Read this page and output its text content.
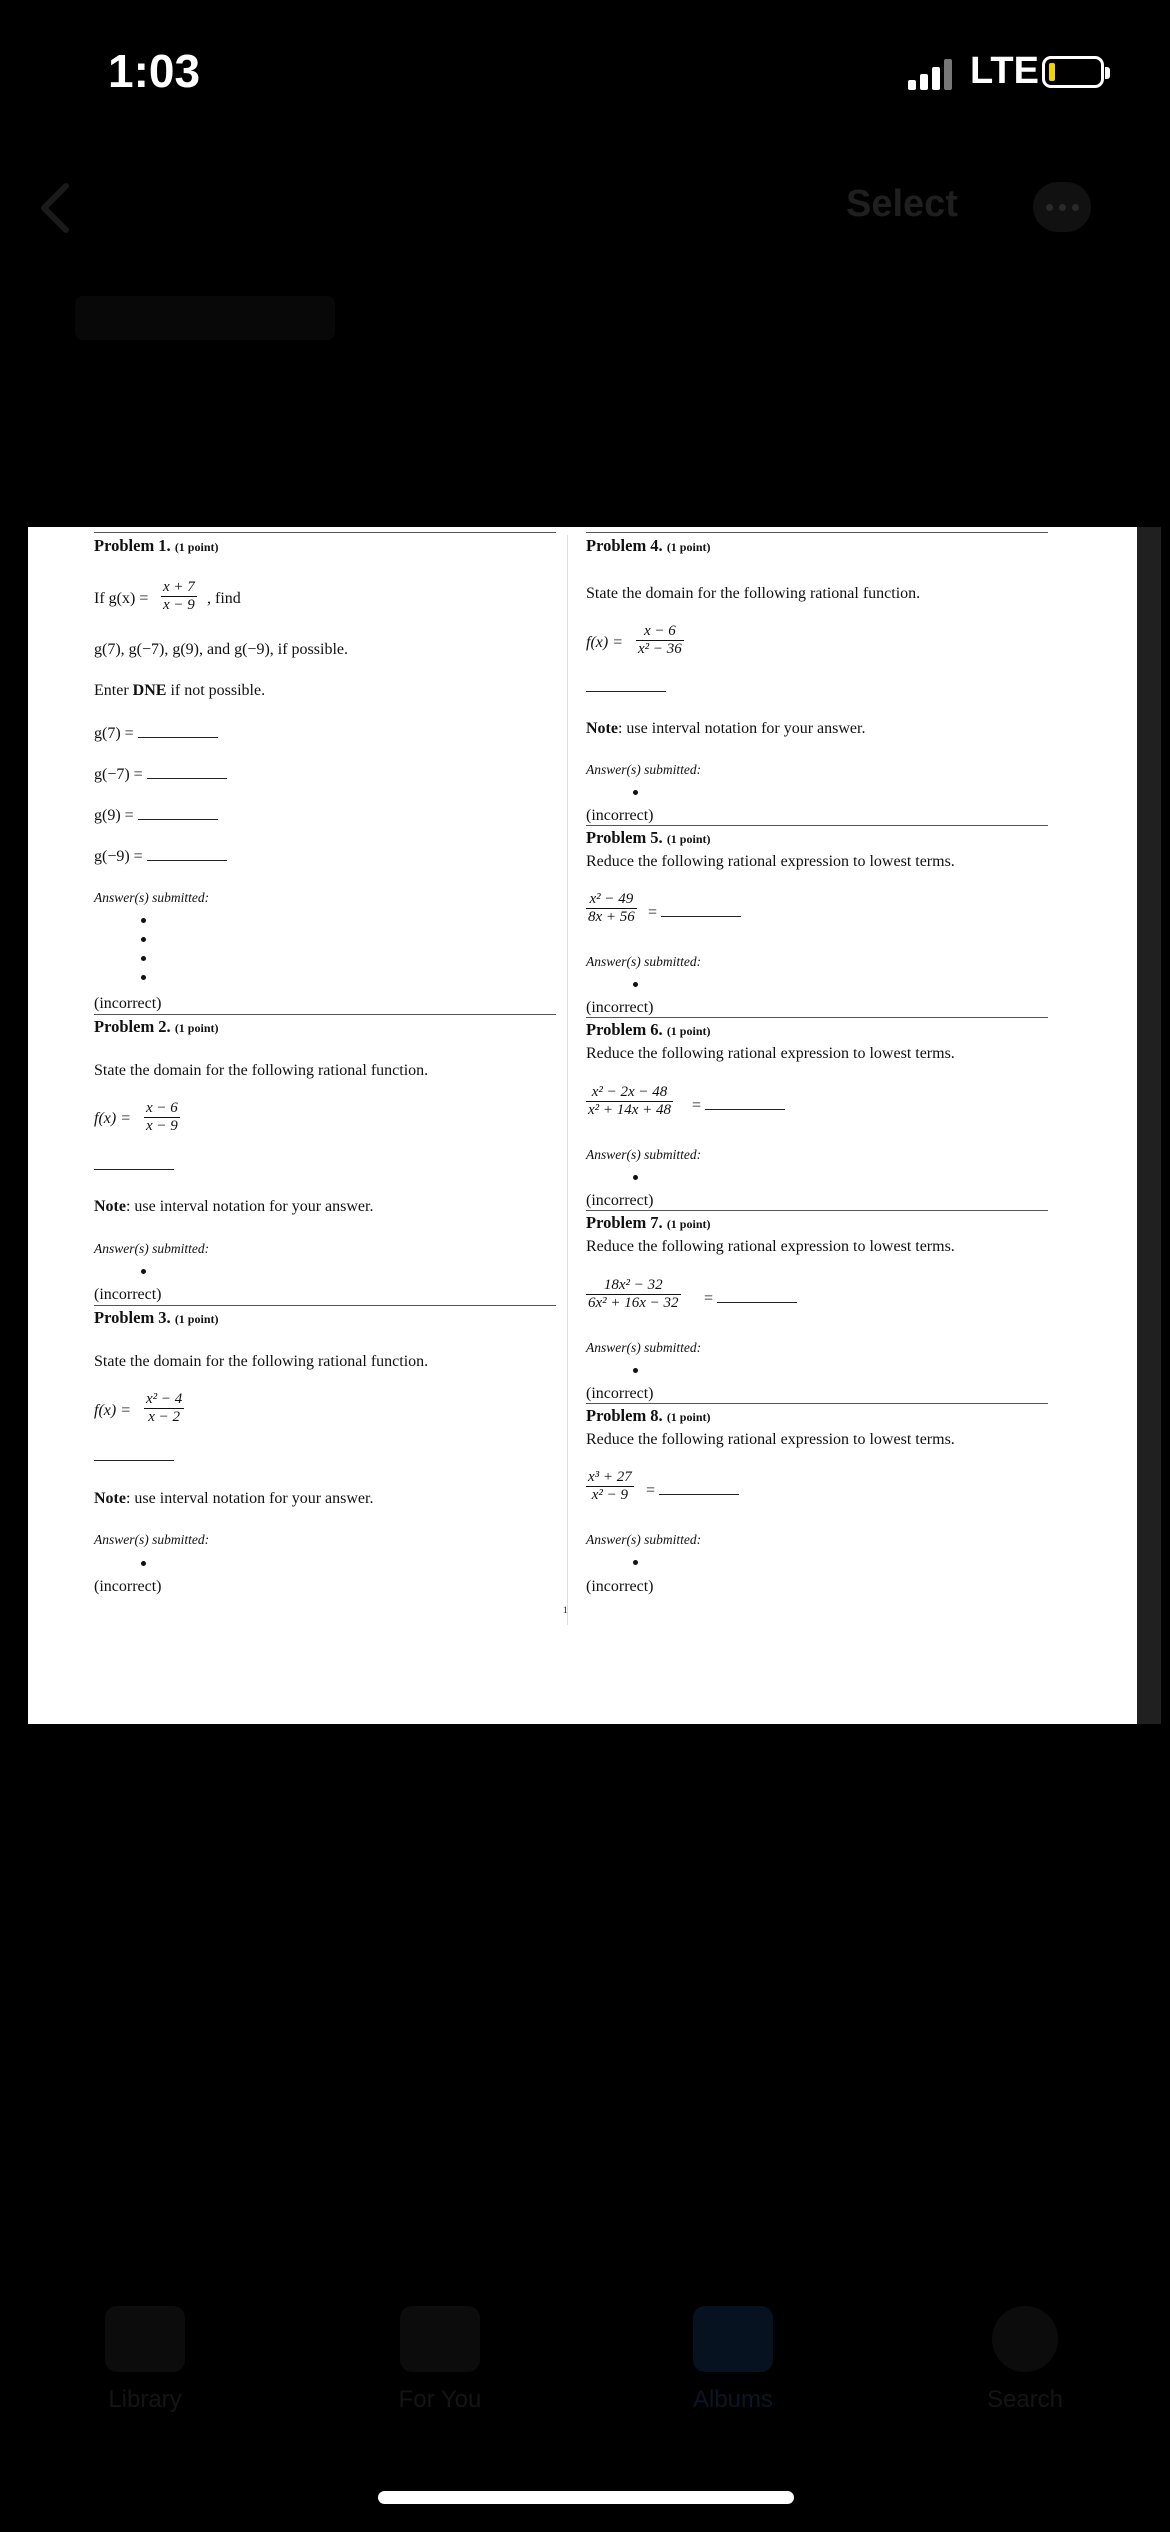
1:03	LTE
Select
Problem 1. (1 point)
If g(x) =
x + 7
x − 9 , find
g(7), g(−7), g(9), and g(−9), if possible.
Enter DNE if not possible.
g(7) =
g(−7) =
g(9) =
g(−9) =
Answer(s) submitted:
(incorrect)
Problem 2. (1 point)
State the domain for the following rational function.
f(x) =
x − 6
x − 9
Note: use interval notation for your answer.
Answer(s) submitted:
(incorrect)
Problem 3. (1 point)
State the domain for the following rational function.
f(x) =
x² − 4
x − 2
Note: use interval notation for your answer.
Answer(s) submitted:
(incorrect)
Problem 4. (1 point)
State the domain for the following rational function.
f(x) =
x − 6
x² − 36
Note: use interval notation for your answer.
Answer(s) submitted:
(incorrect)
Problem 5. (1 point)
Reduce the following rational expression to lowest terms.
x² − 49
8x + 56 =
Answer(s) submitted:
(incorrect)
Problem 6. (1 point)
Reduce the following rational expression to lowest terms.
x² − 2x − 48
x² + 14x + 48 =
Answer(s) submitted:
(incorrect)
Problem 7. (1 point)
Reduce the following rational expression to lowest terms.
18x² − 32
6x² + 16x − 32 =
Answer(s) submitted:
(incorrect)
Problem 8. (1 point)
Reduce the following rational expression to lowest terms.
x³ + 27
x² − 9	=
Answer(s) submitted:
(incorrect)
1
Library	For You	Albums	Search
